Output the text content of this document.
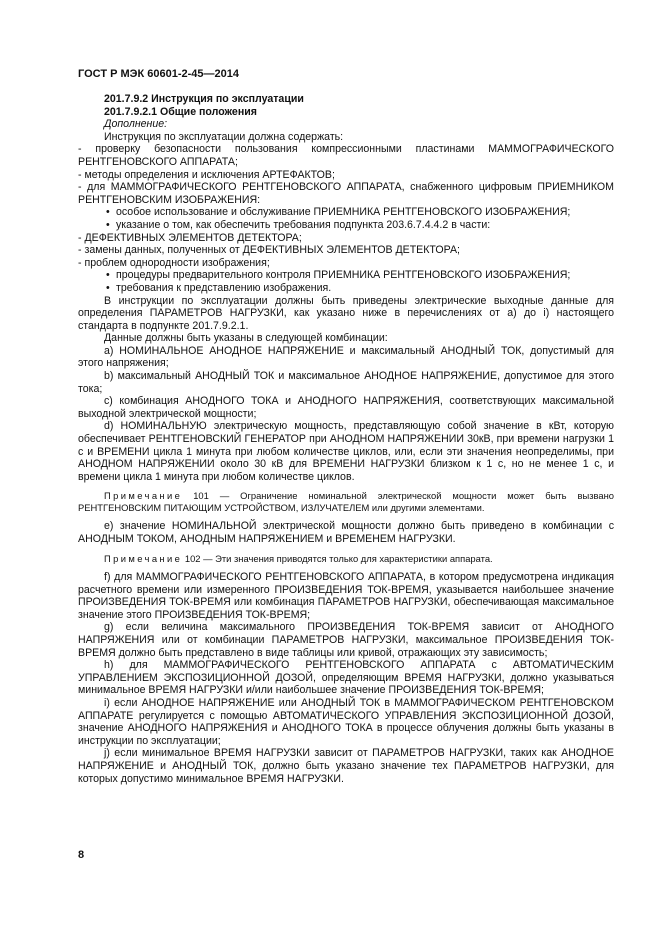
ГОСТ Р МЭК 60601-2-45—2014

201.7.9.2 Инструкция по эксплуатации

201.7.9.2.1 Общие положения

Дополнение:

Инструкция по эксплуатации должна содержать:

- проверку безопасности пользования компрессионными пластинами МАММОГРАФИЧЕСКОГО РЕНТГЕНОВСКОГО АППАРАТА;

- методы определения и исключения АРТЕФАКТОВ;

- для МАММОГРАФИЧЕСКОГО РЕНТГЕНОВСКОГО АППАРАТА, снабженного цифровым ПРИЕМНИКОМ РЕНТГЕНОВСКИМ ИЗОБРАЖЕНИЯ:

• особое использование и обслуживание ПРИЕМНИКА РЕНТГЕНОВСКОГО ИЗОБРАЖЕНИЯ;
• указание о том, как обеспечить требования подпункта 203.6.7.4.4.2 в части:

- ДЕФЕКТИВНЫХ ЭЛЕМЕНТОВ ДЕТЕКТОРА;

- замены данных, полученных от ДЕФЕКТИВНЫХ ЭЛЕМЕНТОВ ДЕТЕКТОРА;

- проблем однородности изображения;

• процедуры предварительного контроля ПРИЕМНИКА РЕНТГЕНОВСКОГО ИЗОБРАЖЕНИЯ;
• требования к представлению изображения.

В инструкции по эксплуатации должны быть приведены электрические выходные данные для определения ПАРАМЕТРОВ НАГРУЗКИ, как указано ниже в перечислениях от а) до i) настоящего стандарта в подпункте 201.7.9.2.1.

Данные должны быть указаны в следующей комбинации:

а) НОМИНАЛЬНОЕ АНОДНОЕ НАПРЯЖЕНИЕ и максимальный АНОДНЫЙ ТОК, допустимый для этого напряжения;

b) максимальный АНОДНЫЙ ТОК и максимальное АНОДНОЕ НАПРЯЖЕНИЕ, допустимое для этого тока;

с) комбинация АНОДНОГО ТОКА и АНОДНОГО НАПРЯЖЕНИЯ, соответствующих максимальной выходной электрической мощности;

d) НОМИНАЛЬНУЮ электрическую мощность, представляющую собой значение в кВт, которую обеспечивает РЕНТГЕНОВСКИЙ ГЕНЕРАТОР при АНОДНОМ НАПРЯЖЕНИИ 30кВ, при времени нагрузки 1 с и ВРЕМЕНИ цикла 1 минута при любом количестве циклов, или, если эти значения неопределимы, при АНОДНОМ НАПРЯЖЕНИИ около 30 кВ для ВРЕМЕНИ НАГРУЗКИ близком к 1 с, но не менее 1 с, и времени цикла 1 минута при любом количестве циклов.

Примечание 101 — Ограничение номинальной электрической мощности может быть вызвано РЕНТГЕНОВСКИМ ПИТАЮЩИМ УСТРОЙСТВОМ, ИЗЛУЧАТЕЛЕМ или другими элементами.

е) значение НОМИНАЛЬНОЙ электрической мощности должно быть приведено в комбинации с АНОДНЫМ ТОКОМ, АНОДНЫМ НАПРЯЖЕНИЕМ и ВРЕМЕНЕМ НАГРУЗКИ.

Примечание 102 — Эти значения приводятся только для характеристики аппарата.

f) для МАММОГРАФИЧЕСКОГО РЕНТГЕНОВСКОГО АППАРАТА, в котором предусмотрена индикация расчетного времени или измеренного ПРОИЗВЕДЕНИЯ ТОК-ВРЕМЯ, указывается наибольшее значение ПРОИЗВЕДЕНИЯ ТОК-ВРЕМЯ или комбинация ПАРАМЕТРОВ НАГРУЗКИ, обеспечивающая максимальное значение этого ПРОИЗВЕДЕНИЯ ТОК-ВРЕМЯ;

g) если величина максимального ПРОИЗВЕДЕНИЯ ТОК-ВРЕМЯ зависит от АНОДНОГО НАПРЯЖЕНИЯ или от комбинации ПАРАМЕТРОВ НАГРУЗКИ, максимальное ПРОИЗВЕДЕНИЯ ТОК-ВРЕМЯ должно быть представлено в виде таблицы или кривой, отражающих эту зависимость;

h) для МАММОГРАФИЧЕСКОГО РЕНТГЕНОВСКОГО АППАРАТА с АВТОМАТИЧЕСКИМ УПРАВЛЕНИЕМ ЭКСПОЗИЦИОННОЙ ДОЗОЙ, определяющим ВРЕМЯ НАГРУЗКИ, должно указываться минимальное ВРЕМЯ НАГРУЗКИ и/или наибольшее значение ПРОИЗВЕДЕНИЯ ТОК-ВРЕМЯ;

i) если АНОДНОЕ НАПРЯЖЕНИЕ или АНОДНЫЙ ТОК в МАММОГРАФИЧЕСКОМ РЕНТГЕНОВСКОМ АППАРАТЕ регулируется с помощью АВТОМАТИЧЕСКОГО УПРАВЛЕНИЯ ЭКСПОЗИЦИОННОЙ ДОЗОЙ, значение АНОДНОГО НАПРЯЖЕНИЯ и АНОДНОГО ТОКА в процессе облучения должны быть указаны в инструкции по эксплуатации;

j) если минимальное ВРЕМЯ НАГРУЗКИ зависит от ПАРАМЕТРОВ НАГРУЗКИ, таких как АНОДНОЕ НАПРЯЖЕНИЕ и АНОДНЫЙ ТОК, должно быть указано значение тех ПАРАМЕТРОВ НАГРУЗКИ, для которых допустимо минимальное ВРЕМЯ НАГРУЗКИ.

8
